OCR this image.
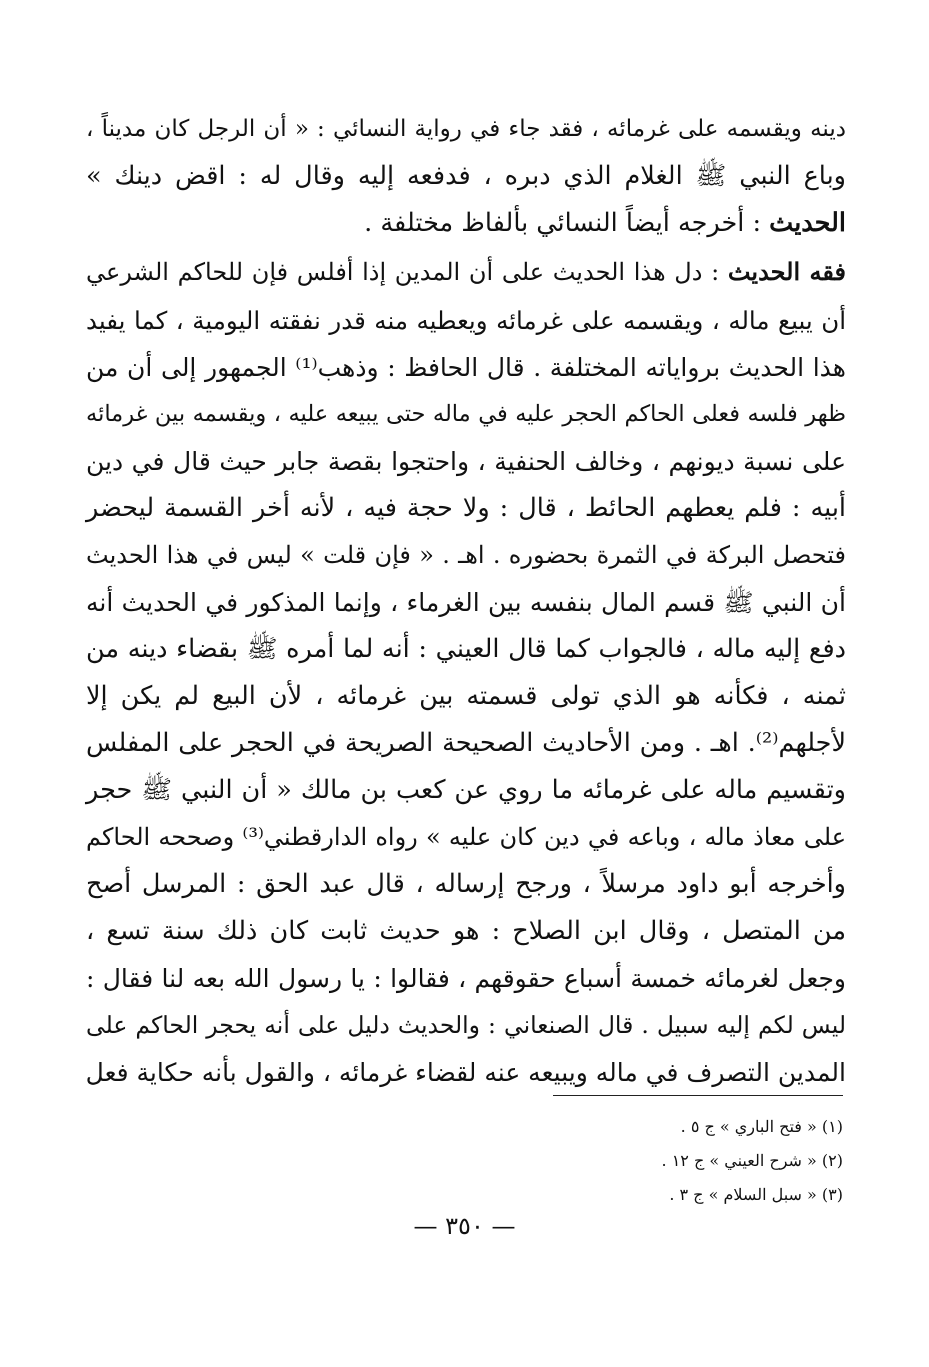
دينه ويقسمه على غرمائه ، فقد جاء في رواية النسائي : « أن الرجل كان مديناً ،
وباع النبي ﷺ الغلام الذي دبره ، فدفعه إليه وقال له : اقض دينك »
الحديث : أخرجه أيضاً النسائي بألفاظ مختلفة .
فقه الحديث : دل هذا الحديث على أن المدين إذا أفلس فإن للحاكم الشرعي
أن يبيع ماله ، ويقسمه على غرمائه ويعطيه منه قدر نفقته اليومية ، كما يفيد
هذا الحديث برواياته المختلفة . قال الحافظ : وذهب⁽¹⁾ الجمهور إلى أن من
ظهر فلسه فعلى الحاكم الحجر عليه في ماله حتى يبيعه عليه ، ويقسمه بين غرمائه
على نسبة ديونهم ، وخالف الحنفية ، واحتجوا بقصة جابر حيث قال في دين
أبيه : فلم يعطهم الحائط ، قال : ولا حجة فيه ، لأنه أخر القسمة ليحضر
فتحصل البركة في الثمرة بحضوره . اهـ . « فإن قلت » ليس في هذا الحديث
أن النبي ﷺ قسم المال بنفسه بين الغرماء ، وإنما المذكور في الحديث أنه
دفع إليه ماله ، فالجواب كما قال العيني : أنه لما أمره ﷺ بقضاء دينه من
ثمنه ، فكأنه هو الذي تولى قسمته بين غرمائه ، لأن البيع لم يكن إلا
لأجلهم⁽²⁾. اهـ . ومن الأحاديث الصحيحة الصريحة في الحجر على المفلس
وتقسيم ماله على غرمائه ما روي عن كعب بن مالك « أن النبي ﷺ حجر
على معاذ ماله ، وباعه في دين كان عليه » رواه الدارقطني⁽³⁾ وصححه الحاكم
وأخرجه أبو داود مرسلاً ، ورجح إرساله ، قال عبد الحق : المرسل أصح
من المتصل ، وقال ابن الصلاح : هو حديث ثابت كان ذلك سنة تسع ،
وجعل لغرمائه خمسة أسباع حقوقهم ، فقالوا : يا رسول الله بعه لنا فقال :
ليس لكم إليه سبيل . قال الصنعاني : والحديث دليل على أنه يحجر الحاكم على
المدين التصرف في ماله ويبيعه عنه لقضاء غرمائه ، والقول بأنه حكاية فعل
(١) « فتح الباري » ج ٥ .
(٢) « شرح العيني » ج ١٢ .
(٣) « سبل السلام » ج ٣ .
— ٣٥٠ —
